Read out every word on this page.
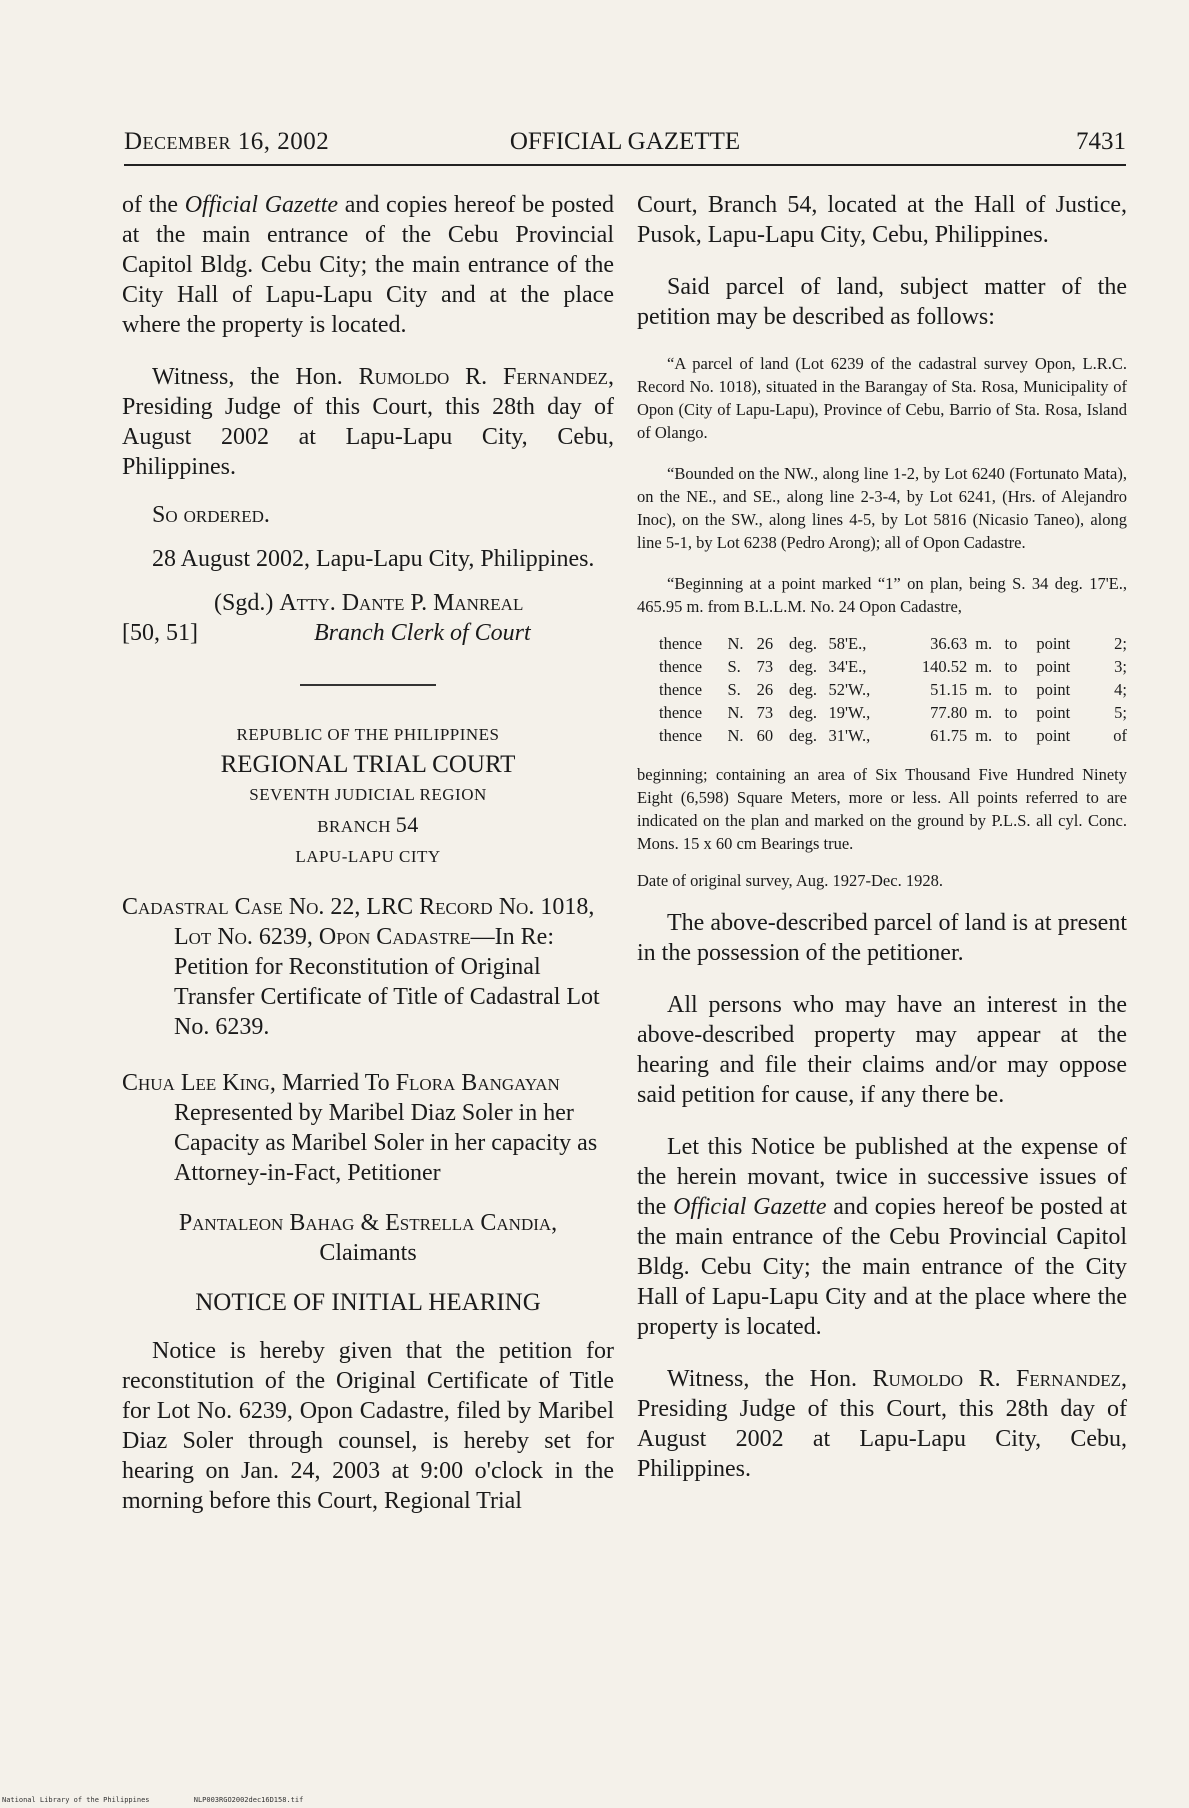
December 16, 2002	OFFICIAL GAZETTE	7431

of the Official Gazette and copies hereof be posted at the main entrance of the Cebu Provincial Capitol Bldg. Cebu City; the main entrance of the City Hall of Lapu-Lapu City and at the place where the property is located.

Witness, the Hon. Rumoldo R. Fernandez, Presiding Judge of this Court, this 28th day of August 2002 at Lapu-Lapu City, Cebu, Philippines.

So ordered.

28 August 2002, Lapu-Lapu City, Philippines.

(Sgd.) Atty. Dante P. Manreal
[50, 51]	Branch Clerk of Court

REPUBLIC OF THE PHILIPPINES

REGIONAL TRIAL COURT

SEVENTH JUDICIAL REGION

BRANCH 54

LAPU-LAPU CITY

Cadastral Case No. 22, LRC Record No. 1018, Lot No. 6239, Opon Cadastre—In Re: Petition for Reconstitution of Original Transfer Certificate of Title of Cadastral Lot No. 6239.

Chua Lee King, Married To Flora Bangayan Represented by Maribel Diaz Soler in her Capacity as Maribel Soler in her capacity as Attorney-in-Fact, Petitioner

Pantaleon Bahag & Estrella Candia,

Claimants

NOTICE OF INITIAL HEARING

Notice is hereby given that the petition for reconstitution of the Original Certificate of Title for Lot No. 6239, Opon Cadastre, filed by Maribel Diaz Soler through counsel, is hereby set for hearing on Jan. 24, 2003 at 9:00 o'clock in the morning before this Court, Regional Trial

Court, Branch 54, located at the Hall of Justice, Pusok, Lapu-Lapu City, Cebu, Philippines.

Said parcel of land, subject matter of the petition may be described as follows:

“A parcel of land (Lot 6239 of the cadastral survey Opon, L.R.C. Record No. 1018), situated in the Barangay of Sta. Rosa, Municipality of Opon (City of Lapu-Lapu), Province of Cebu, Barrio of Sta. Rosa, Island of Olango.

“Bounded on the NW., along line 1-2, by Lot 6240 (Fortunato Mata), on the NE., and SE., along line 2-3-4, by Lot 6241, (Hrs. of Alejandro Inoc), on the SW., along lines 4-5, by Lot 5816 (Nicasio Taneo), along line 5-1, by Lot 6238 (Pedro Arong); all of Opon Cadastre.

“Beginning at a point marked “1” on plan, being S. 34 deg. 17'E., 465.95 m. from B.L.L.M. No. 24 Opon Cadastre,

thence	N.	26	deg.	58'E.,	36.63	m.	to	point	2;
thence	S.	73	deg.	34'E.,	140.52	m.	to	point	3;
thence	S.	26	deg.	52'W.,	51.15	m.	to	point	4;
thence	N.	73	deg.	19'W.,	77.80	m.	to	point	5;
thence	N.	60	deg.	31'W.,	61.75	m.	to	point	of

beginning; containing an area of Six Thousand Five Hundred Ninety Eight (6,598) Square Meters, more or less. All points referred to are indicated on the plan and marked on the ground by P.L.S. all cyl. Conc. Mons. 15 x 60 cm Bearings true.

Date of original survey, Aug. 1927-Dec. 1928.

The above-described parcel of land is at present in the possession of the petitioner.

All persons who may have an interest in the above-described property may appear at the hearing and file their claims and/or may oppose said petition for cause, if any there be.

Let this Notice be published at the expense of the herein movant, twice in successive issues of the Official Gazette and copies hereof be posted at the main entrance of the Cebu Provincial Capitol Bldg. Cebu City; the main entrance of the City Hall of Lapu-Lapu City and at the place where the property is located.

Witness, the Hon. Rumoldo R. Fernandez, Presiding Judge of this Court, this 28th day of August 2002 at Lapu-Lapu City, Cebu, Philippines.

National Library of the Philippines	NLP003RGO2002dec16D158.tif
